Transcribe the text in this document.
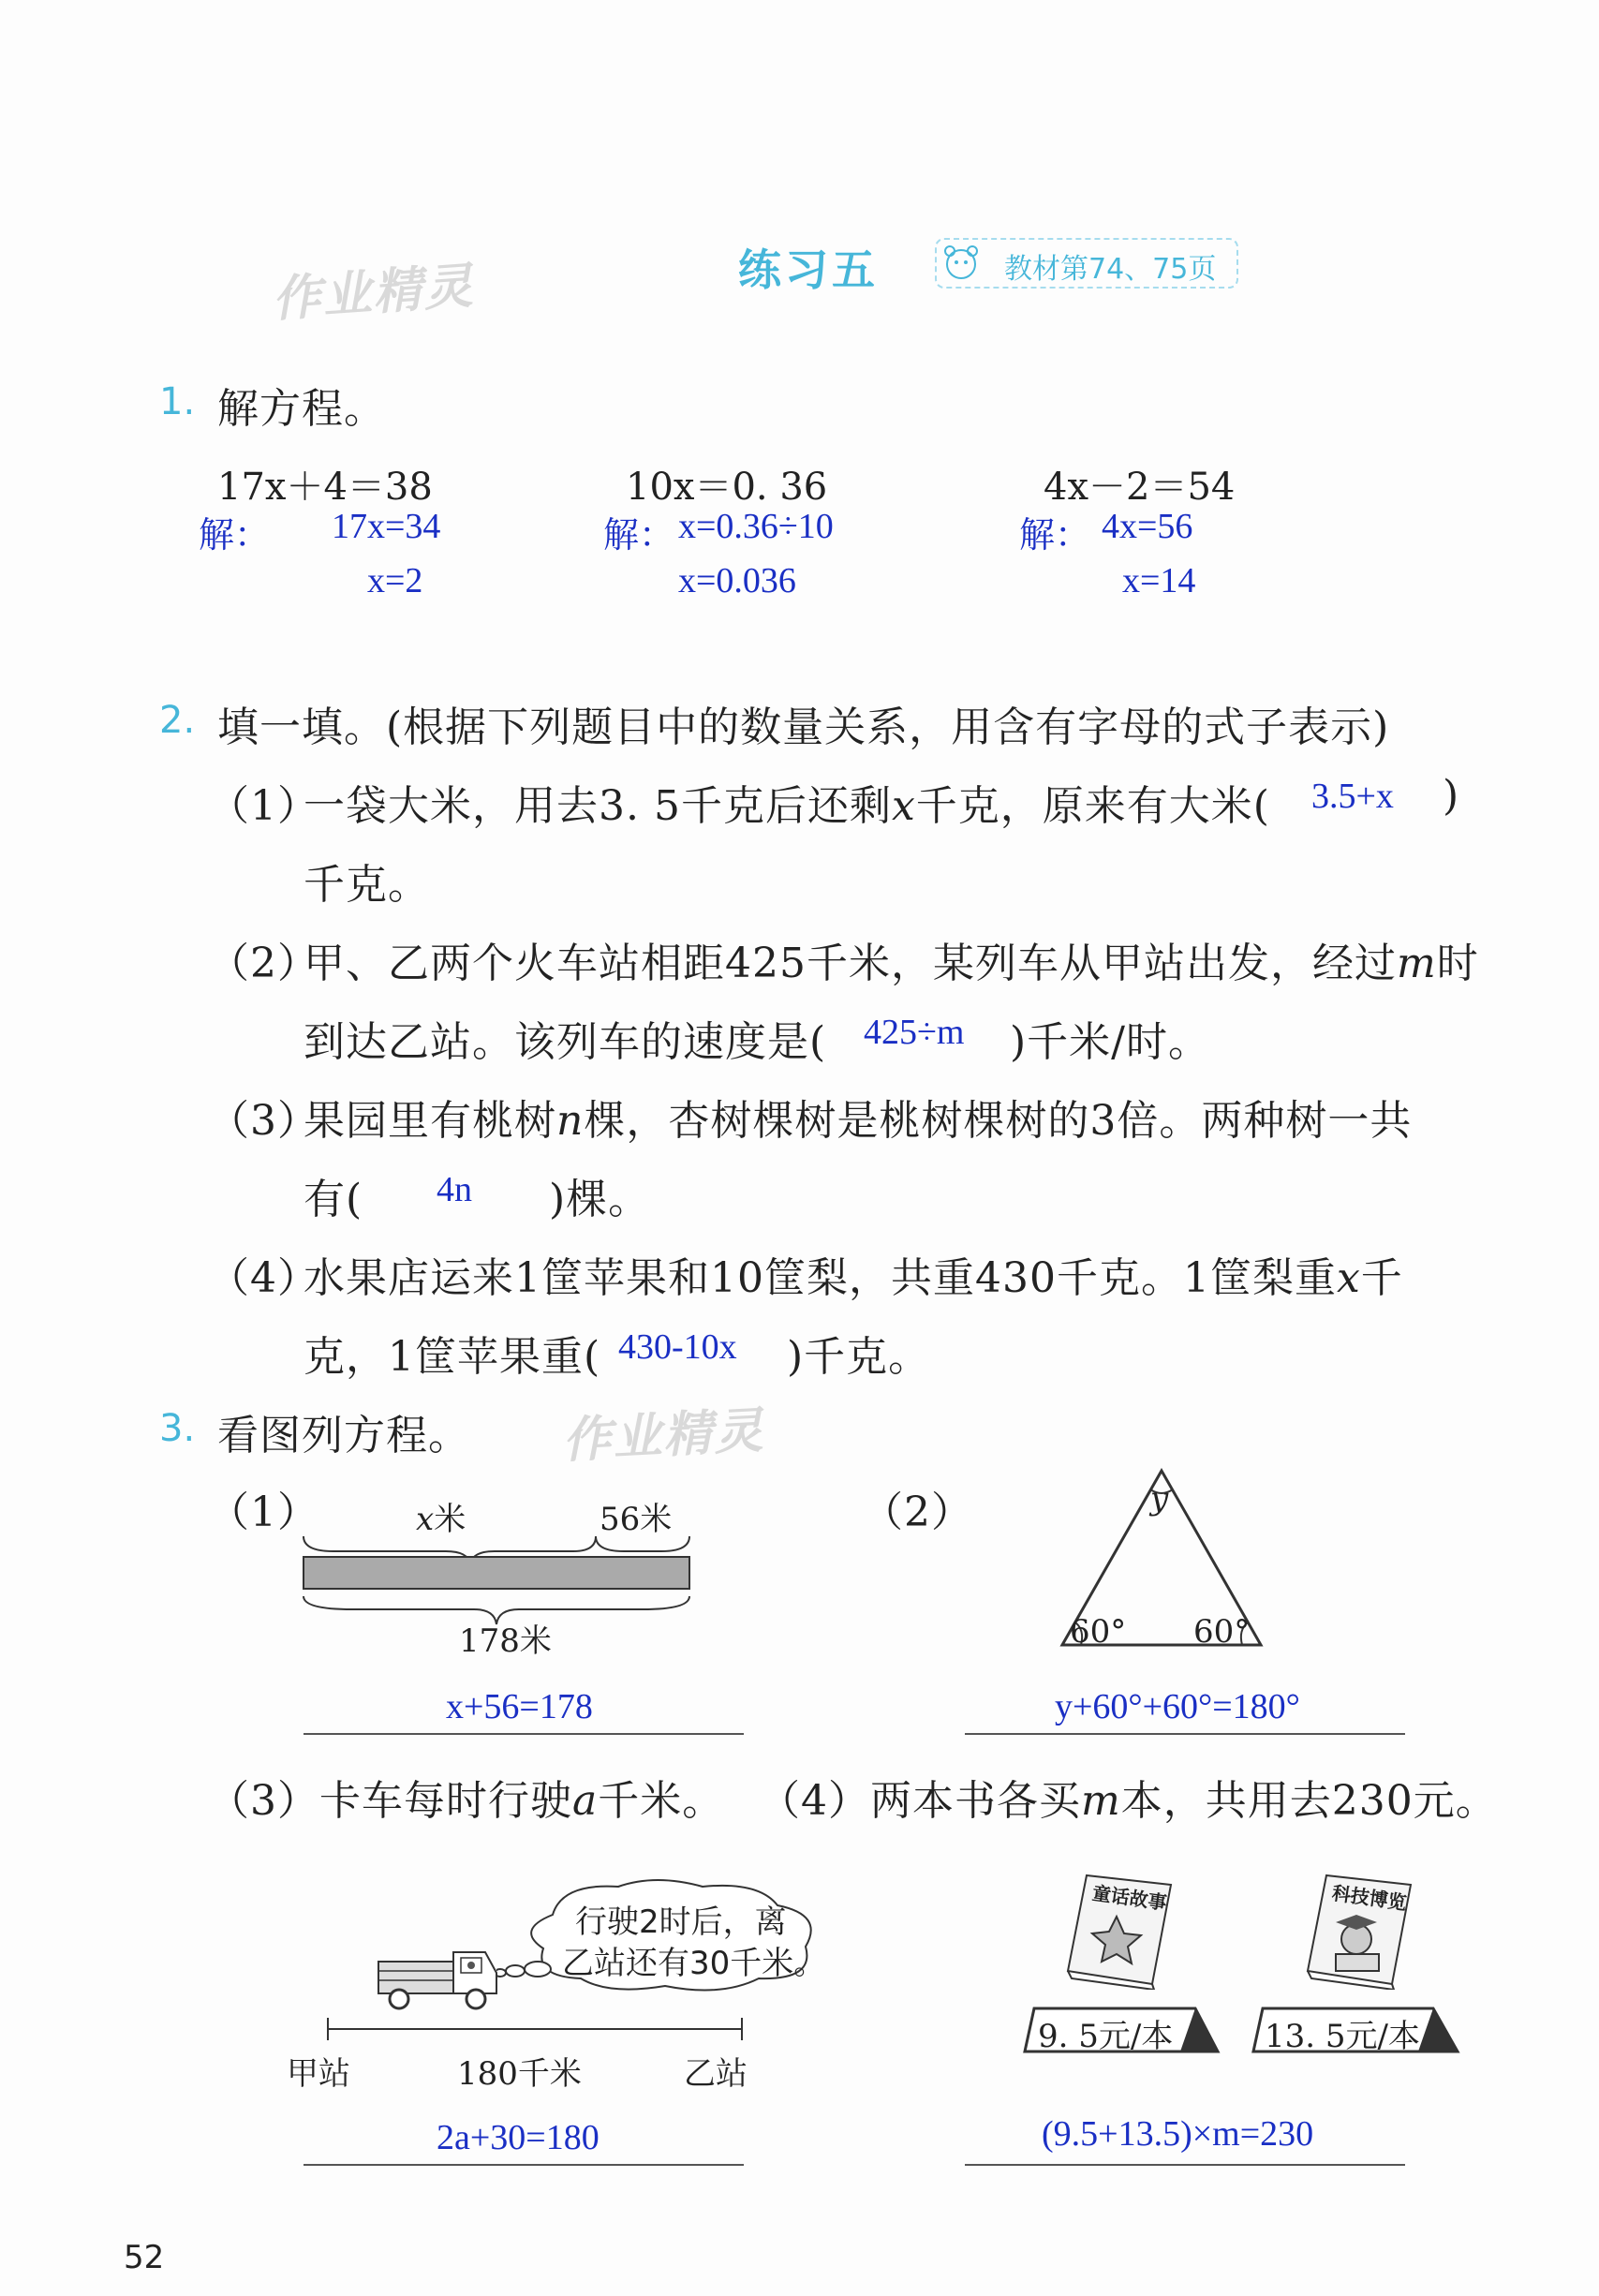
作业精灵	练习五	教材第74、75页
1. 解方程。
17x＋4＝38
解： 17x=34
x=2
10x＝0. 36
解： x=0.36÷10
x=0.036
4x－2＝54
解： 4x=56
x=14
2. 填一填。(根据下列题目中的数量关系，用含有字母的式子表示)
（1）
一袋大米，用去3. 5千克后还剩x千克，原来有大米( 3.5+x )
千克。
（2）
甲、乙两个火车站相距425千米，某列车从甲站出发，经过m时
到达乙站。该列车的速度是( 425÷m )千米/时。
（3）
果园里有桃树n棵，杏树棵树是桃树棵树的3倍。两种树一共
有( 4n )棵。
（4）
水果店运来1筐苹果和10筐梨，共重430千克。1筐梨重x千
克，1筐苹果重( 430-10x )千克。
3. 看图列方程。 作业精灵
（1）	x米	56米
178米
x+56=178
（2）	y
60° 60°
y+60°+60°=180°
（3）卡车每时行驶a千米。 （4）两本书各买m本，共用去230元。
行驶2时后，离
乙站还有30千米。
甲站	180千米	乙站
2a+30=180
童话故事	科技博览
9. 5元/本	13. 5元/本
(9.5+13.5)×m=230
52
